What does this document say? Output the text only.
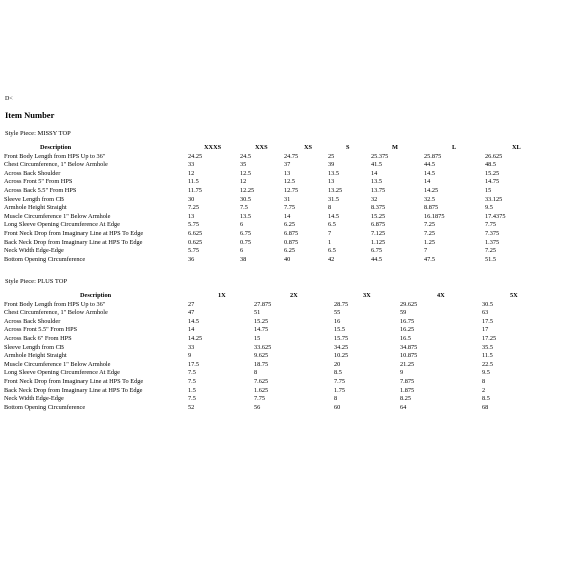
D<
Item Number
Style Piece: MISSY TOP
Description	XXXS	XXS	XS	S	M	L	XL
Front Body Length from HPS Up to 36"	24.25	24.5	24.75	25	25.375	25.875	26.625
Chest Circumference, 1" Below Armhole	33	35	37	39	41.5	44.5	48.5
Across Back Shoulder	12	12.5	13	13.5	14	14.5	15.25
Across Front 5" From HPS	11.5	12	12.5	13	13.5	14	14.75
Across Back 5.5" From HPS	11.75	12.25	12.75	13.25	13.75	14.25	15
Sleeve Length from CB	30	30.5	31	31.5	32	32.5	33.125
Armhole Height Straight	7.25	7.5	7.75	8	8.375	8.875	9.5
Muscle Circumference 1" Below Armhole	13	13.5	14	14.5	15.25	16.1875	17.4375
Long Sleeve Opening Circumference At Edge	5.75	6	6.25	6.5	6.875	7.25	7.75
Front Neck Drop from Imaginary Line at HPS To Edge	6.625	6.75	6.875	7	7.125	7.25	7.375
Back Neck Drop from Imaginary Line at HPS To Edge	0.625	0.75	0.875	1	1.125	1.25	1.375
Neck Width Edge-Edge	5.75	6	6.25	6.5	6.75	7	7.25
Bottom Opening Circumference	36	38	40	42	44.5	47.5	51.5
Style Piece: PLUS TOP
Description	1X	2X	3X	4X	5X
Front Body Length from HPS Up to 36"	27	27.875	28.75	29.625	30.5
Chest Circumference, 1" Below Armhole	47	51	55	59	63
Across Back Shoulder	14.5	15.25	16	16.75	17.5
Across Front 5.5" From HPS	14	14.75	15.5	16.25	17
Across Back 6" From HPS	14.25	15	15.75	16.5	17.25
Sleeve Length from CB	33	33.625	34.25	34.875	35.5
Armhole Height Straight	9	9.625	10.25	10.875	11.5
Muscle Circumference 1" Below Armhole	17.5	18.75	20	21.25	22.5
Long Sleeve Opening Circumference At Edge	7.5	8	8.5	9	9.5
Front Neck Drop from Imaginary Line at HPS To Edge	7.5	7.625	7.75	7.875	8
Back Neck Drop from Imaginary Line at HPS To Edge	1.5	1.625	1.75	1.875	2
Neck Width Edge-Edge	7.5	7.75	8	8.25	8.5
Bottom Opening Circumference	52	56	60	64	68
